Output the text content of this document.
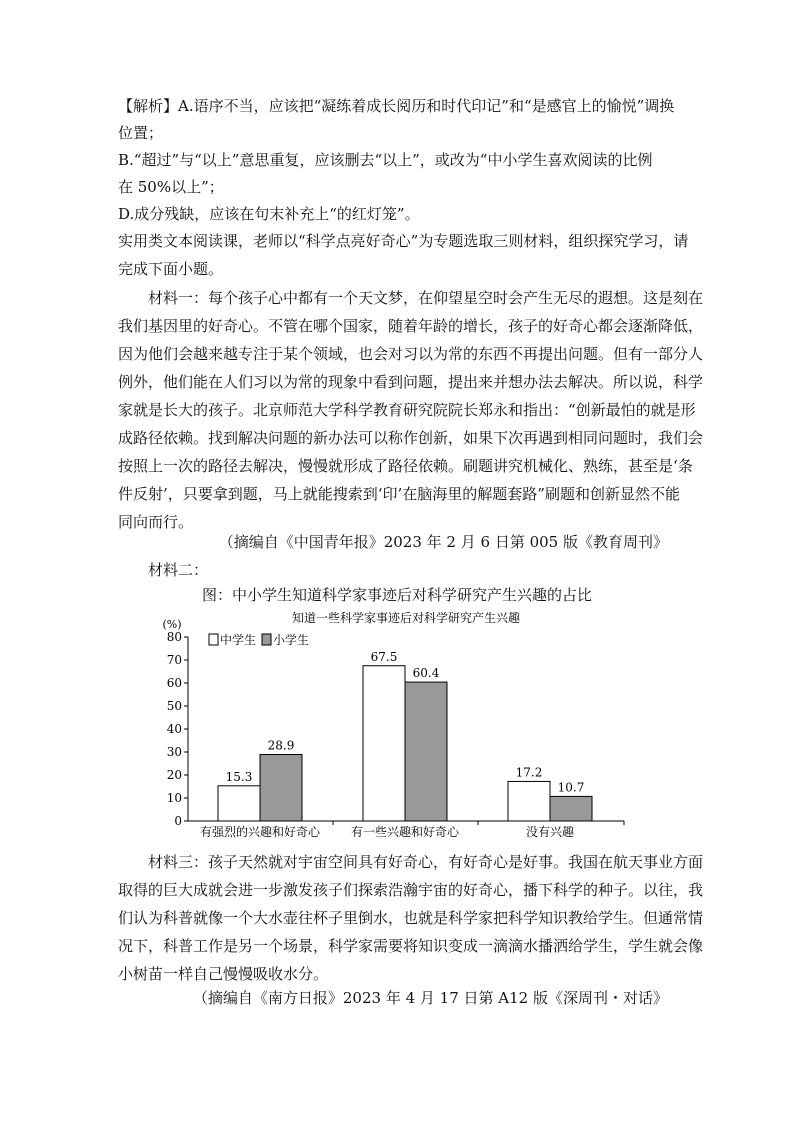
【解析】A.语序不当，应该把“凝练着成长阅历和时代印记”和“是感官上的愉悦”调换
位置；
B.“超过”与“以上”意思重复，应该删去“以上”，或改为“中小学生喜欢阅读的比例
在 50%以上”；
D.成分残缺，应该在句末补充上“的红灯笼”。
实用类文本阅读课，老师以“科学点亮好奇心”为专题选取三则材料，组织探究学习，请
完成下面小题。
材料一：每个孩子心中都有一个天文梦，在仰望星空时会产生无尽的遐想。这是刻在
我们基因里的好奇心。不管在哪个国家，随着年龄的增长，孩子的好奇心都会逐渐降低，
因为他们会越来越专注于某个领域，也会对习以为常的东西不再提出问题。但有一部分人
例外，他们能在人们习以为常的现象中看到问题，提出来并想办法去解决。所以说，科学
家就是长大的孩子。北京师范大学科学教育研究院院长郑永和指出：“创新最怕的就是形
成路径依赖。找到解决问题的新办法可以称作创新，如果下次再遇到相同问题时，我们会
按照上一次的路径去解决，慢慢就形成了路径依赖。刷题讲究机械化、熟练，甚至是‘条
件反射’，只要拿到题，马上就能搜索到‘印’在脑海里的解题套路”刷题和创新显然不能
同向而行。
（摘编自《中国青年报》2023 年 2 月 6 日第 005 版《教育周刊》
材料二：
图：中小学生知道科学家事迹后对科学研究产生兴趣的占比
知道一些科学家事迹后对科学研究产生兴趣
(%)
0
10
20
30
40
50
60
70
80
15.3
67.5
17.2
28.9
60.4
10.7
有强烈的兴趣和好奇心	有一些兴趣和好奇心	没有兴趣
中学生 小学生
材料三：孩子天然就对宇宙空间具有好奇心，有好奇心是好事。我国在航天事业方面
取得的巨大成就会进一步激发孩子们探索浩瀚宇宙的好奇心，播下科学的种子。以往，我
们认为科普就像一个大水壶往杯子里倒水，也就是科学家把科学知识教给学生。但通常情
况下，科普工作是另一个场景，科学家需要将知识变成一滴滴水播洒给学生，学生就会像
小树苗一样自己慢慢吸收水分。
（摘编自《南方日报》2023 年 4 月 17 日第 A12 版《深周刊・对话》
